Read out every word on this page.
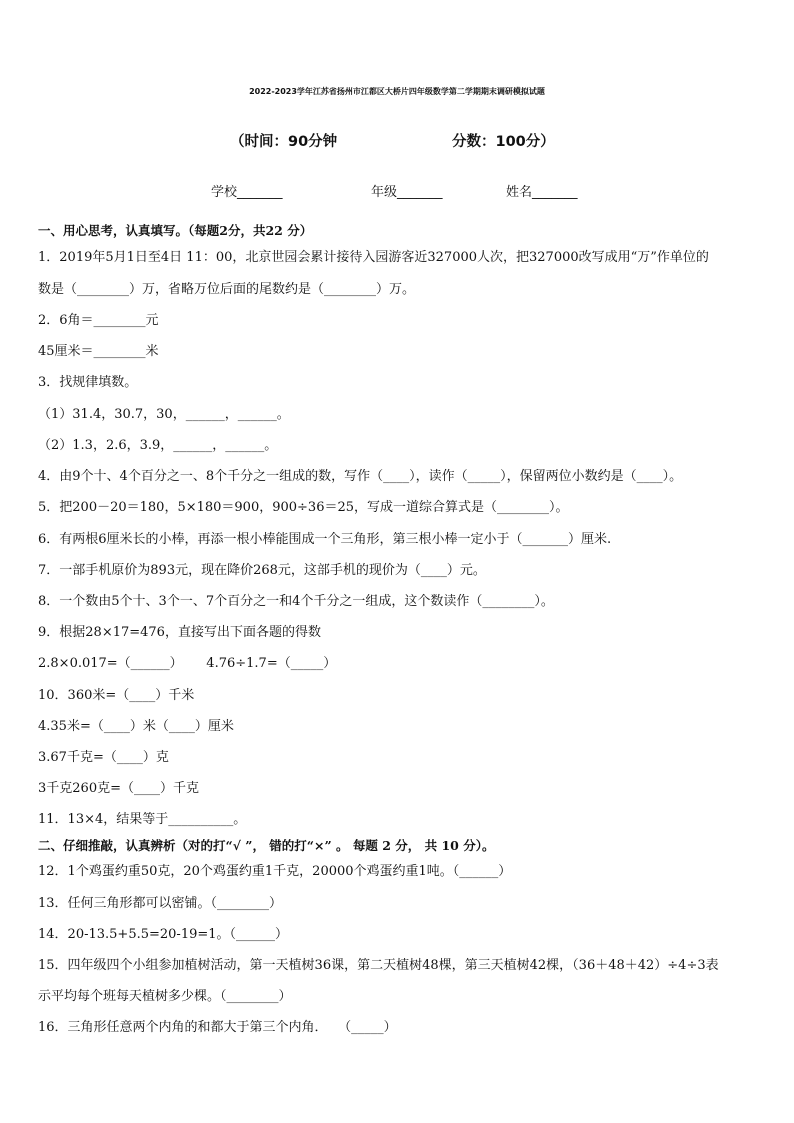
2022-2023学年江苏省扬州市江都区大桥片四年级数学第二学期期末调研模拟试题
（时间：90分钟	分数：100分）
学校_______	年级_______	姓名_______
一、用心思考，认真填写。（每题2分，共22 分）
1．2019年5月1日至4日 11：00，北京世园会累计接待入园游客近327000人次，把327000改写成用“万”作单位的
数是（________）万，省略万位后面的尾数约是（________）万。
2．6角＝________元
45厘米＝________米
3．找规律填数。
（1）31.4，30.7，30，______，______。
（2）1.3，2.6，3.9，______，______。
4．由9个十、4个百分之一、8个千分之一组成的数，写作（____），读作（_____），保留两位小数约是（____）。
5．把200－20＝180，5×180＝900，900÷36＝25，写成一道综合算式是（________）。
6．有两根6厘米长的小棒，再添一根小棒能围成一个三角形，第三根小棒一定小于（_______）厘米.
7．一部手机原价为893元，现在降价268元，这部手机的现价为（____）元。
8．一个数由5个十、3个一、7个百分之一和4个千分之一组成，这个数读作（________）。
9．根据28×17=476，直接写出下面各题的得数
2.8×0.017=（______）　　 4.76÷1.7=（_____）
10．360米=（____）千米
4.35米=（____）米（____）厘米
3.67千克=（____）克
3千克260克=（____）千克
11．13×4，结果等于__________。
二、仔细推敲，认真辨析（对的打“√ ”， 错的打“×” 。 每题 2 分， 共 10 分）。
12．1个鸡蛋约重50克，20个鸡蛋约重1千克，20000个鸡蛋约重1吨。（______）
13．任何三角形都可以密铺。（________）
14．20-13.5+5.5=20-19=1。（______）
15．四年级四个小组参加植树活动，第一天植树36课，第二天植树48棵，第三天植树42棵，（36＋48＋42）÷4÷3表
示平均每个班每天植树多少棵。（________）
16．三角形任意两个内角的和都大于第三个内角．　 （_____）
